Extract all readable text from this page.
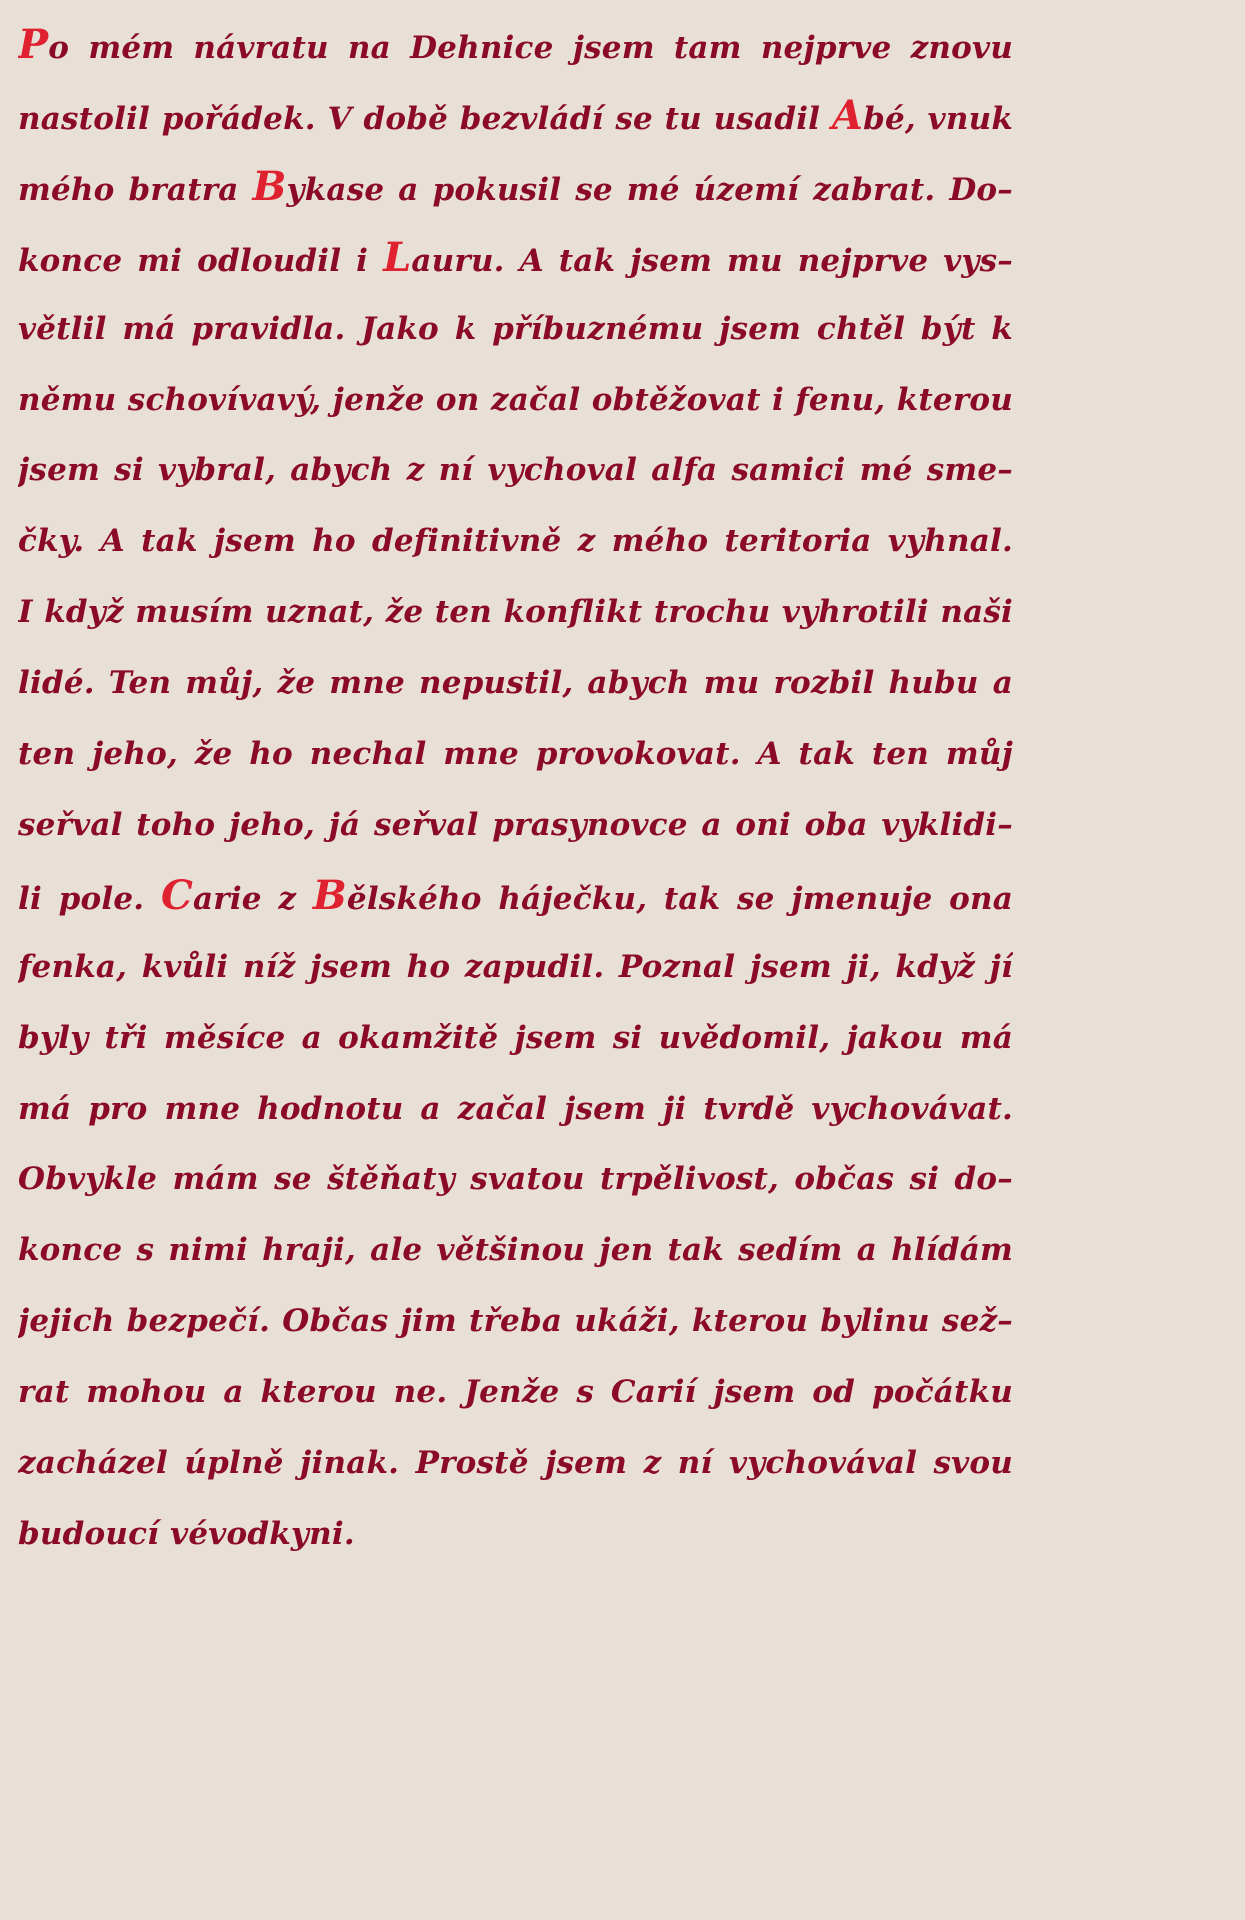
Po mém návratu na Dehnice jsem tam nejprve znovu
nastolil pořádek. V době bezvládí se tu usadil Abé, vnuk
mého bratra Bykase a pokusil se mé území zabrat. Do–
konce mi odloudil i Lauru. A tak jsem mu nejprve vys–
větlil má pravidla. Jako k příbuznému jsem chtěl být k
němu schovívavý, jenže on začal obtěžovat i fenu, kterou
jsem si vybral, abych z ní vychoval alfa samici mé sme–
čky. A tak jsem ho definitivně z mého teritoria vyhnal.
I když musím uznat, že ten konflikt trochu vyhrotili naši
lidé. Ten můj, že mne nepustil, abych mu rozbil hubu a
ten jeho, že ho nechal mne provokovat. A tak ten můj
seřval toho jeho, já seřval prasynovce a oni oba vyklidi–
li pole. Carie z Bělského háječku, tak se jmenuje ona
fenka, kvůli níž jsem ho zapudil. Poznal jsem ji, když jí
byly tři měsíce a okamžitě jsem si uvědomil, jakou má
má pro mne hodnotu a začal jsem ji tvrdě vychovávat.
Obvykle mám se štěňaty svatou trpělivost, občas si do–
konce s nimi hraji, ale většinou jen tak sedím a hlídám
jejich bezpečí. Občas jim třeba ukáži, kterou bylinu sež–
rat mohou a kterou ne. Jenže s Carií jsem od počátku
zacházel úplně jinak. Prostě jsem z ní vychovával svou
budoucí vévodkyni.
